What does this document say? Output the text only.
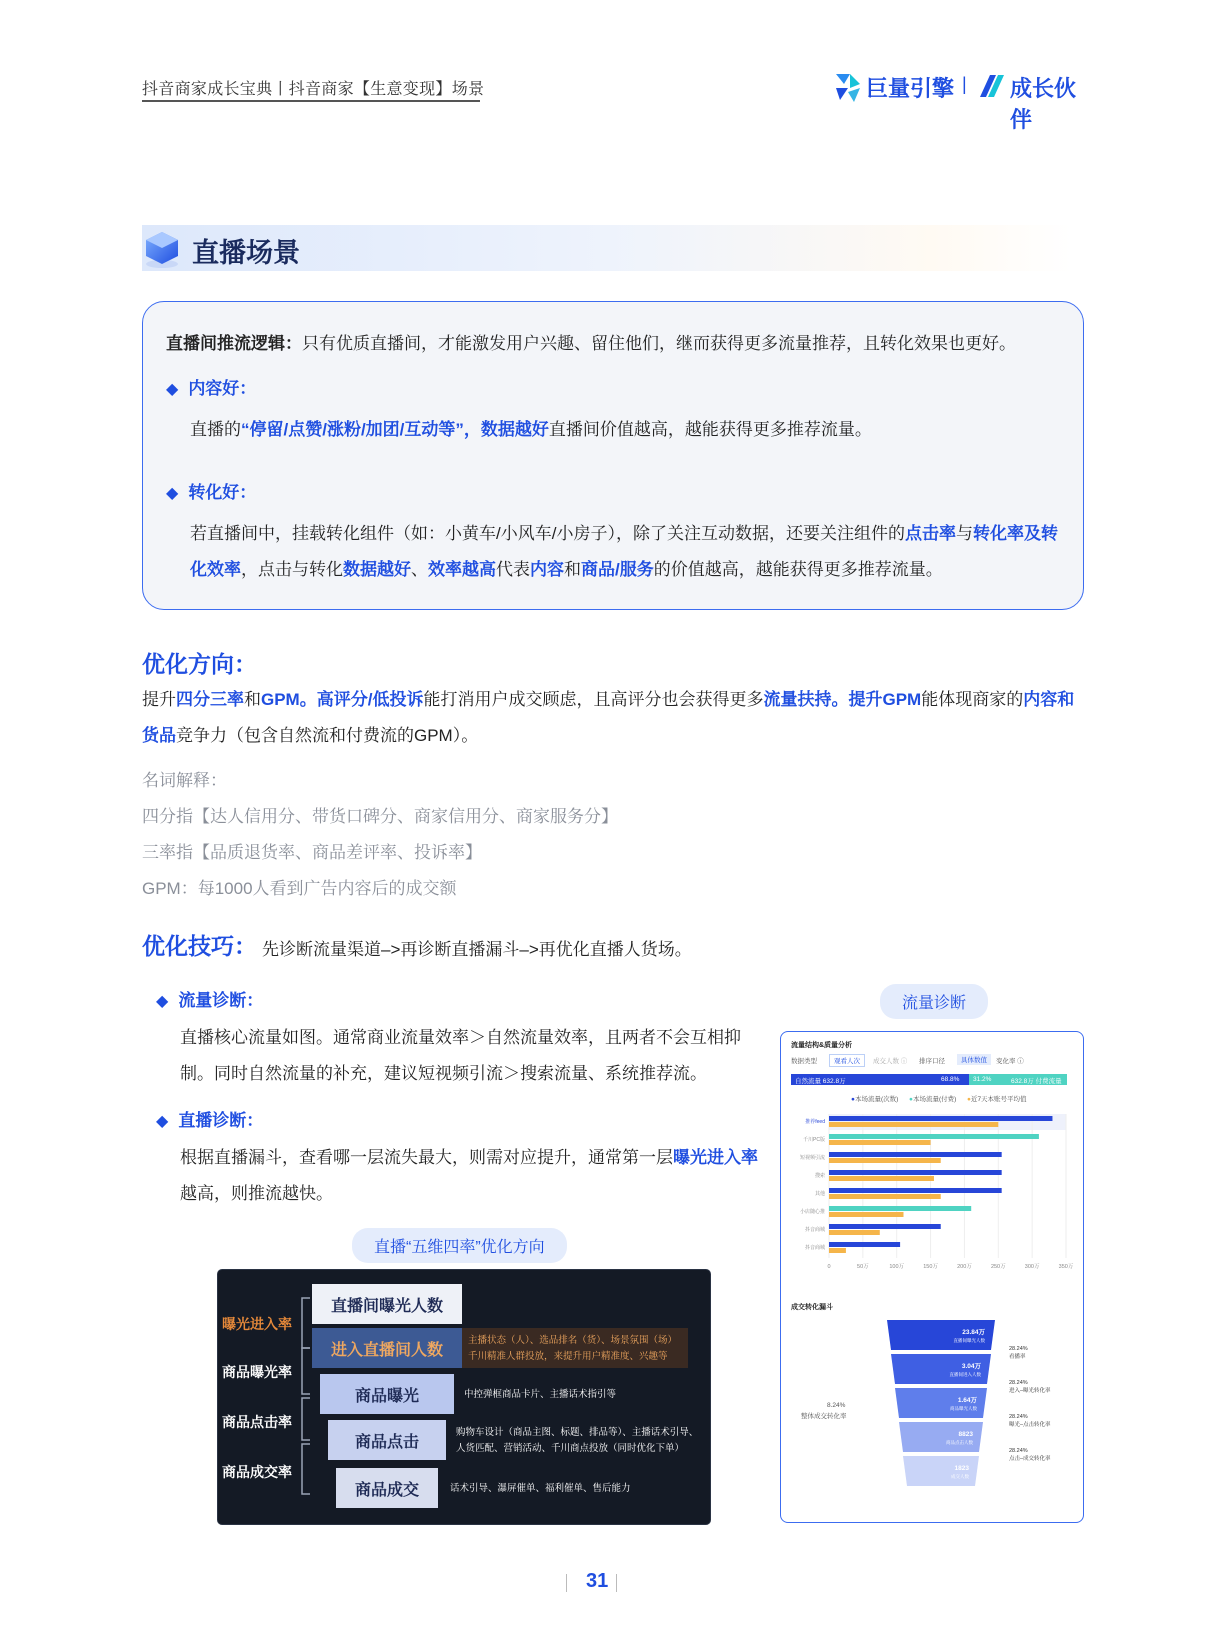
抖音商家成长宝典丨抖音商家【生意变现】场景	巨量引擎 | 成长伙伴
直播场景
直播间推流逻辑：只有优质直播间，才能激发用户兴趣、留住他们，继而获得更多流量推荐，且转化效果也更好。
◆ 内容好：
直播的“停留/点赞/涨粉/加团/互动等”，数据越好直播间价值越高，越能获得更多推荐流量。
◆ 转化好：
若直播间中，挂载转化组件（如：小黄车/小风车/小房子），除了关注互动数据，还要关注组件的点击率与转化率及转化效率，点击与转化数据越好、效率越高代表内容和商品/服务的价值越高，越能获得更多推荐流量。
优化方向：
提升四分三率和GPM。高评分/低投诉能打消用户成交顾虑，且高评分也会获得更多流量扶持。提升GPM能体现商家的内容和货品竞争力（包含自然流和付费流的GPM）。
名词解释：
四分指【达人信用分、带货口碑分、商家信用分、商家服务分】
三率指【品质退货率、商品差评率、投诉率】
GPM：每1000人看到广告内容后的成交额
优化技巧： 先诊断流量渠道–>再诊断直播漏斗–>再优化直播人货场。
◆ 流量诊断：
直播核心流量如图。通常商业流量效率＞自然流量效率，且两者不会互相抑制。同时自然流量的补充，建议短视频引流＞搜索流量、系统推荐流。
◆ 直播诊断：
根据直播漏斗，查看哪一层流失最大，则需对应提升，通常第一层曝光进入率越高，则推流越快。
流量诊断
直播“五维四率”优化方向
曝光进入率
商品曝光率
商品点击率
商品成交率
直播间曝光人数
进入直播间人数
主播状态（人）、选品排名（货）、场景氛围（场）
千川精准人群投放，来提升用户精准度、兴趣等
商品曝光	中控弹框商品卡片、主播话术指引等
商品点击
购物车设计（商品主图、标题、排品等）、主播话术引导、
人货匹配、营销活动、千川商点投放（同时优化下单）
商品成交	话术引导、瀑屏催单、福利催单、售后能力
流量结构&质量分析
数据类型	观看人次	成交人数 ⓘ 排序口径	具体数值	变化率 ⓘ
自然流量 632.8万	68.8% 31.2%	632.8万 付费流量
●本场流量(次数) ●本场流量(付费) ●近7天本账号平均值
0	50万	100万	150万	200万	250万	300万	350万
推荐feed
千川PC版
短视频引流
搜索
其他
小店随心推
抖音商城
抖音商城
成交转化漏斗
23.84万
直播间曝光人数
28.24%
看播率
3.04万
直播间进入人数
28.24%
进入–曝光转化率
1.64万
商品曝光人数
28.24%
曝光–点击转化率
8823
商品点击人数
28.24%
点击–成交转化率
1823
成交人数
8.24%
整体成交转化率
31
